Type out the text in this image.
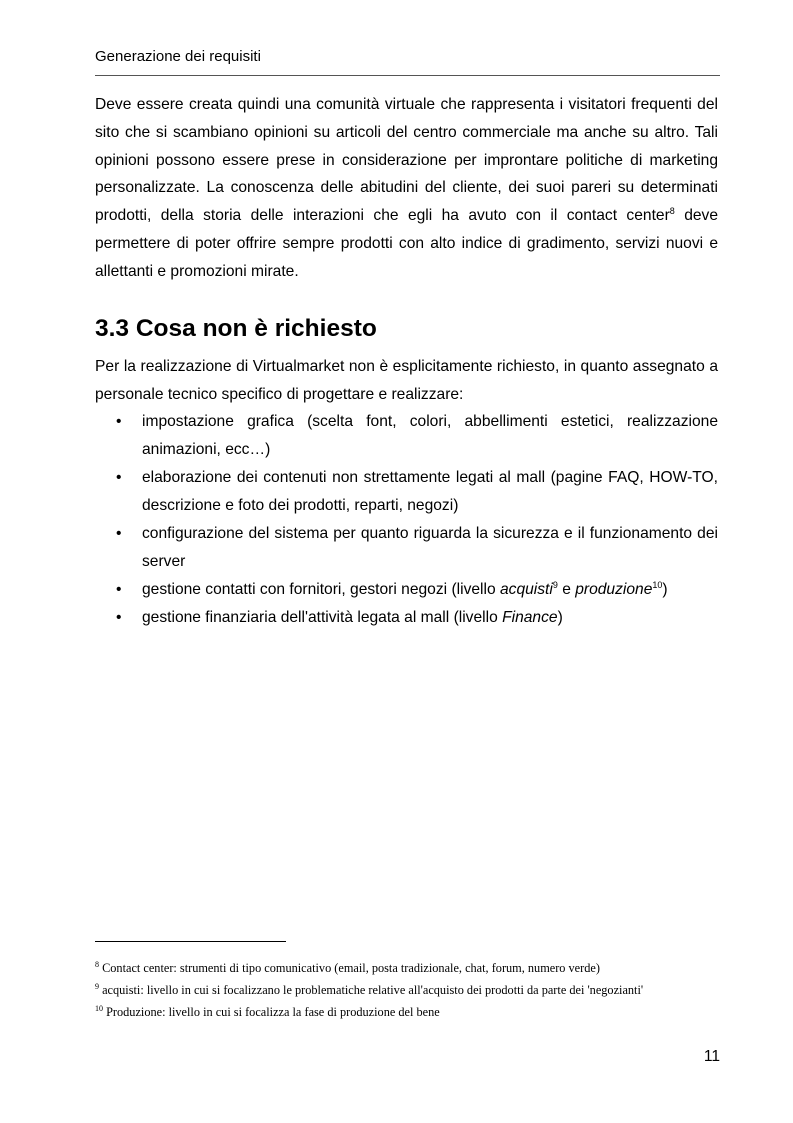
Generazione dei requisiti

Deve essere creata quindi una comunità virtuale che rappresenta i visitatori frequenti del sito che si scambiano opinioni su articoli del centro commerciale ma anche su altro. Tali opinioni possono essere prese in considerazione per improntare politiche di marketing personalizzate. La conoscenza delle abitudini del cliente, dei suoi pareri su determinati prodotti, della storia delle interazioni che egli ha avuto con il contact center$^8$ deve permettere di poter offrire sempre prodotti con alto indice di gradimento, servizi nuovi e allettanti e promozioni mirate.

3.3 Cosa non è richiesto

Per la realizzazione di Virtualmarket non è esplicitamente richiesto, in quanto assegnato a personale tecnico specifico di progettare e realizzare:

• impostazione grafica (scelta font, colori, abbellimenti estetici, realizzazione animazioni, ecc…)
• elaborazione dei contenuti non strettamente legati al mall (pagine FAQ, HOW-TO, descrizione e foto dei prodotti, reparti, negozi)
• configurazione del sistema per quanto riguarda la sicurezza e il funzionamento dei server
• gestione contatti con fornitori, gestori negozi (livello acquisti$^9$ e produzione$^{10}$)
• gestione finanziaria dell'attività legata al mall (livello Finance)
$^8$ Contact center: strumenti di tipo comunicativo (email, posta tradizionale, chat, forum, numero verde)
$^9$ acquisti: livello in cui si focalizzano le problematiche relative all'acquisto dei prodotti da parte dei 'negozianti'
$^{10}$ Produzione: livello in cui si focalizza la fase di produzione del bene
11
